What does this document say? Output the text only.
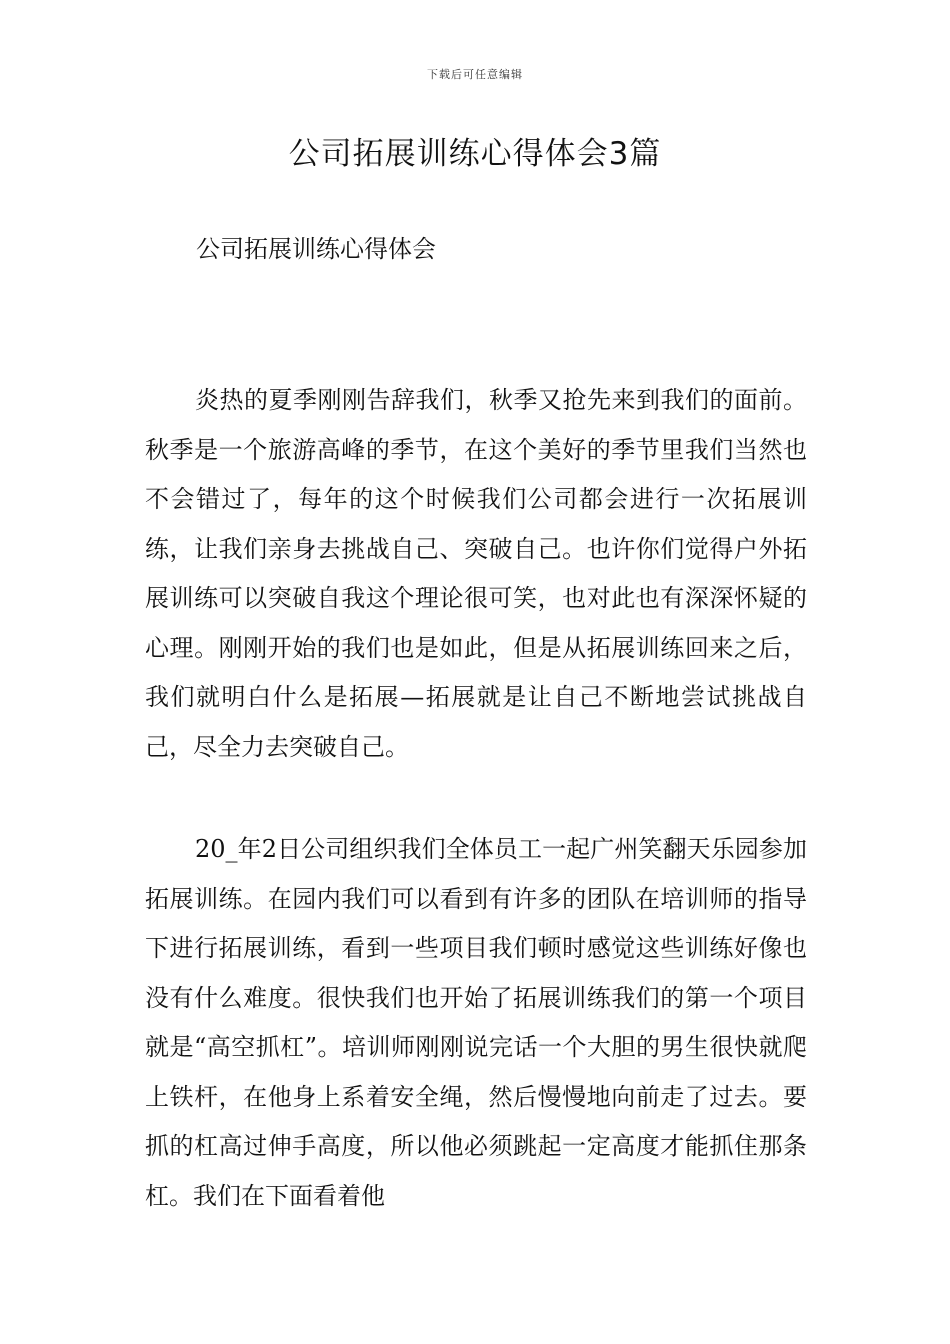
下载后可任意编辑
公司拓展训练心得体会3篇

公司拓展训练心得体会

炎热的夏季刚刚告辞我们，秋季又抢先来到我们的面前。秋季是一个旅游高峰的季节，在这个美好的季节里我们当然也不会错过了，每年的这个时候我们公司都会进行一次拓展训练，让我们亲身去挑战自己、突破自己。也许你们觉得户外拓展训练可以突破自我这个理论很可笑，也对此也有深深怀疑的心理。刚刚开始的我们也是如此，但是从拓展训练回来之后，我们就明白什么是拓展—拓展就是让自己不断地尝试挑战自己，尽全力去突破自己。

20_年2日公司组织我们全体员工一起广州笑翻天乐园参加拓展训练。在园内我们可以看到有许多的团队在培训师的指导下进行拓展训练，看到一些项目我们顿时感觉这些训练好像也没有什么难度。很快我们也开始了拓展训练我们的第一个项目就是“高空抓杠”。培训师刚刚说完话一个大胆的男生很快就爬上铁杆，在他身上系着安全绳，然后慢慢地向前走了过去。要抓的杠高过伸手高度，所以他必须跳起一定高度才能抓住那条杠。我们在下面看着他
